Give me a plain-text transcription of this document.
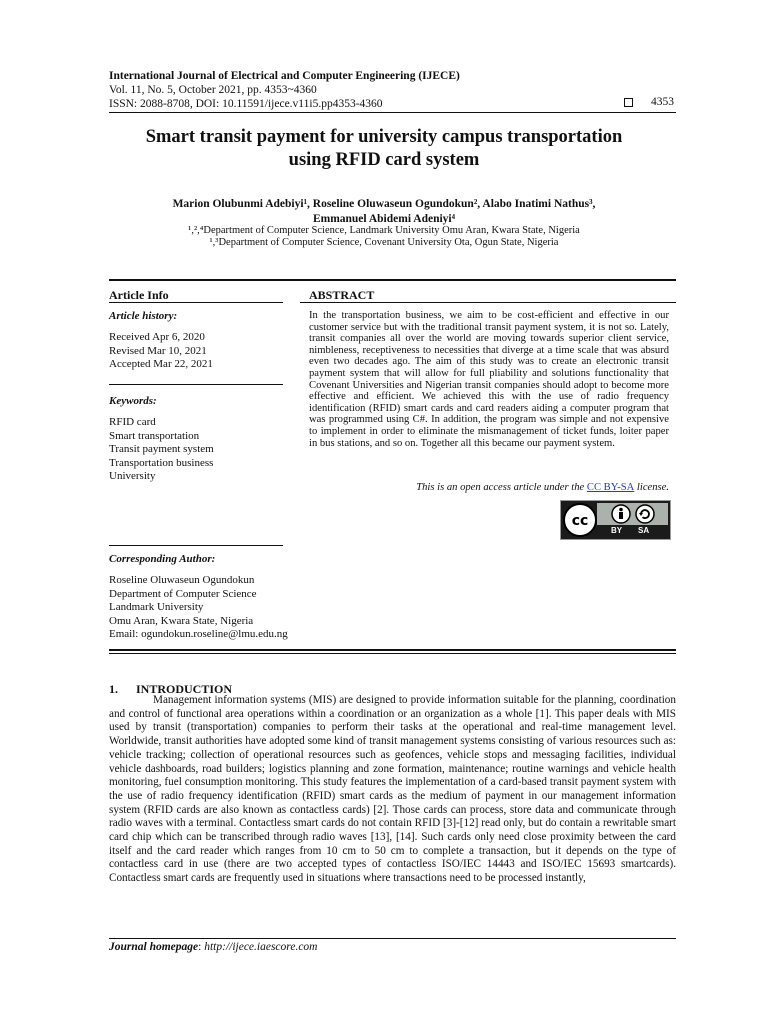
International Journal of Electrical and Computer Engineering (IJECE)
Vol. 11, No. 5, October 2021, pp. 4353~4360
ISSN: 2088-8708, DOI: 10.11591/ijece.v11i5.pp4353-4360	4353
Smart transit payment for university campus transportation
using RFID card system
Marion Olubunmi Adebiyi¹, Roseline Oluwaseun Ogundokun², Alabo Inatimi Nathus³,
Emmanuel Abidemi Adeniyi⁴
¹,²,⁴Department of Computer Science, Landmark University Omu Aran, Kwara State, Nigeria
¹,³Department of Computer Science, Covenant University Ota, Ogun State, Nigeria
Article Info
Article history:
Received Apr 6, 2020
Revised Mar 10, 2021
Accepted Mar 22, 2021
Keywords:
RFID card
Smart transportation
Transit payment system
Transportation business
University
Corresponding Author:
Roseline Oluwaseun Ogundokun
Department of Computer Science
Landmark University
Omu Aran, Kwara State, Nigeria
Email: ogundokun.roseline@lmu.edu.ng
ABSTRACT
In the transportation business, we aim to be cost-efficient and effective in our customer service but with the traditional transit payment system, it is not so. Lately, transit companies all over the world are moving towards superior client service, nimbleness, receptiveness to necessities that diverge at a time scale that was absurd even two decades ago. The aim of this study was to create an electronic transit payment system that will allow for full pliability and solutions functionality that Covenant Universities and Nigerian transit companies should adopt to become more effective and efficient. We achieved this with the use of radio frequency identification (RFID) smart cards and card readers aiding a computer program that was programmed using C#. In addition, the program was simple and not expensive to implement in order to eliminate the mismanagement of ticket funds, loiter paper in bus stations, and so on. Together all this became our payment system.
This is an open access article under the CC BY-SA license.
cc
BY SA
1.      INTRODUCTION
Management information systems (MIS) are designed to provide information suitable for the planning, coordination and control of functional area operations within a coordination or an organization as a whole [1]. This paper deals with MIS used by transit (transportation) companies to perform their tasks at the operational and real-time management level. Worldwide, transit authorities have adopted some kind of transit management systems consisting of various resources such as: vehicle tracking; collection of operational resources such as geofences, vehicle stops and messaging facilities, individual vehicle dashboards, road builders; logistics planning and zone formation, maintenance; routine warnings and vehicle health monitoring, fuel consumption monitoring. This study features the implementation of a card-based transit payment system with the use of radio frequency identification (RFID) smart cards as the medium of payment in our management information system (RFID cards are also known as contactless cards) [2]. Those cards can process, store data and communicate through radio waves with a terminal. Contactless smart cards do not contain RFID [3]-[12] read only, but do contain a rewritable smart card chip which can be transcribed through radio waves [13], [14]. Such cards only need close proximity between the card itself and the card reader which ranges from 10 cm to 50 cm to complete a transaction, but it depends on the type of contactless card in use (there are two accepted types of contactless ISO/IEC 14443 and ISO/IEC 15693 smartcards). Contactless smart cards are frequently used in situations where transactions need to be processed instantly,
Journal homepage: http://ijece.iaescore.com
